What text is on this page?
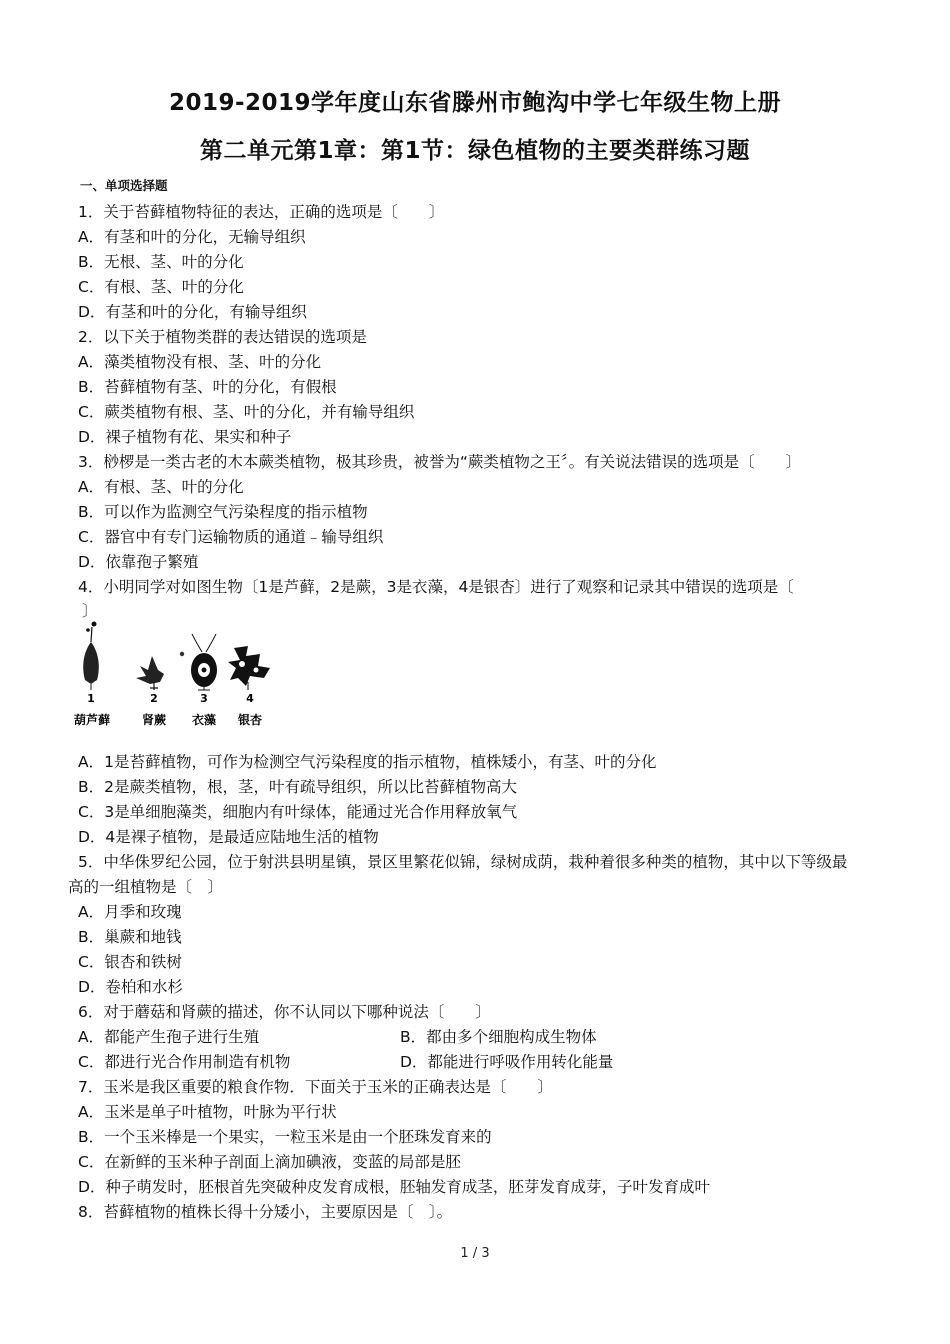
2019-2019学年度山东省滕州市鲍沟中学七年级生物上册
第二单元第1章：第1节：绿色植物的主要类群练习题
一、单项选择题
1．关于苔藓植物特征的表达，正确的选项是〔　　〕
A．有茎和叶的分化，无输导组织
B．无根、茎、叶的分化
C．有根、茎、叶的分化
D．有茎和叶的分化，有输导组织
2．以下关于植物类群的表达错误的选项是
A．藻类植物没有根、茎、叶的分化
B．苔藓植物有茎、叶的分化，有假根
C．蕨类植物有根、茎、叶的分化，并有输导组织
D．裸子植物有花、果实和种子
3．桫椤是一类古老的木本蕨类植物，极其珍贵，被誉为“蕨类植物之王〞。有关说法错误的选项是〔　　〕
A．有根、茎、叶的分化
B．可以作为监测空气污染程度的指示植物
C．器官中有专门运输物质的通道﹣输导组织
D．依靠孢子繁殖
4．小明同学对如图生物〔1是芦藓，2是蕨，3是衣藻，4是银杏〕进行了观察和记录其中错误的选项是〔
〕
1	2	3	4
葫芦藓	肾蕨 衣藻 银杏
A．1是苔藓植物，可作为检测空气污染程度的指示植物，植株矮小，有茎、叶的分化
B．2是蕨类植物，根，茎，叶有疏导组织，所以比苔藓植物高大
C．3是单细胞藻类，细胞内有叶绿体，能通过光合作用释放氧气
D．4是裸子植物，是最适应陆地生活的植物
5．中华侏罗纪公园，位于射洪县明星镇，景区里繁花似锦，绿树成荫，栽种着很多种类的植物，其中以下等级最
高的一组植物是〔　〕
A．月季和玫瑰
B．巢蕨和地钱
C．银杏和铁树
D．卷柏和水杉
6．对于蘑菇和肾蕨的描述，你不认同以下哪种说法〔　　〕
A．都能产生孢子进行生殖	B．都由多个细胞构成生物体
C．都进行光合作用制造有机物	D．都能进行呼吸作用转化能量
7．玉米是我区重要的粮食作物．下面关于玉米的正确表达是〔　　〕
A．玉米是单子叶植物，叶脉为平行状
B．一个玉米棒是一个果实，一粒玉米是由一个胚珠发育来的
C．在新鲜的玉米种子剖面上滴加碘液，变蓝的局部是胚
D．种子萌发时，胚根首先突破种皮发育成根，胚轴发育成茎，胚芽发育成芽，子叶发育成叶
8．苔藓植物的植株长得十分矮小，主要原因是〔　〕。
1 / 3
